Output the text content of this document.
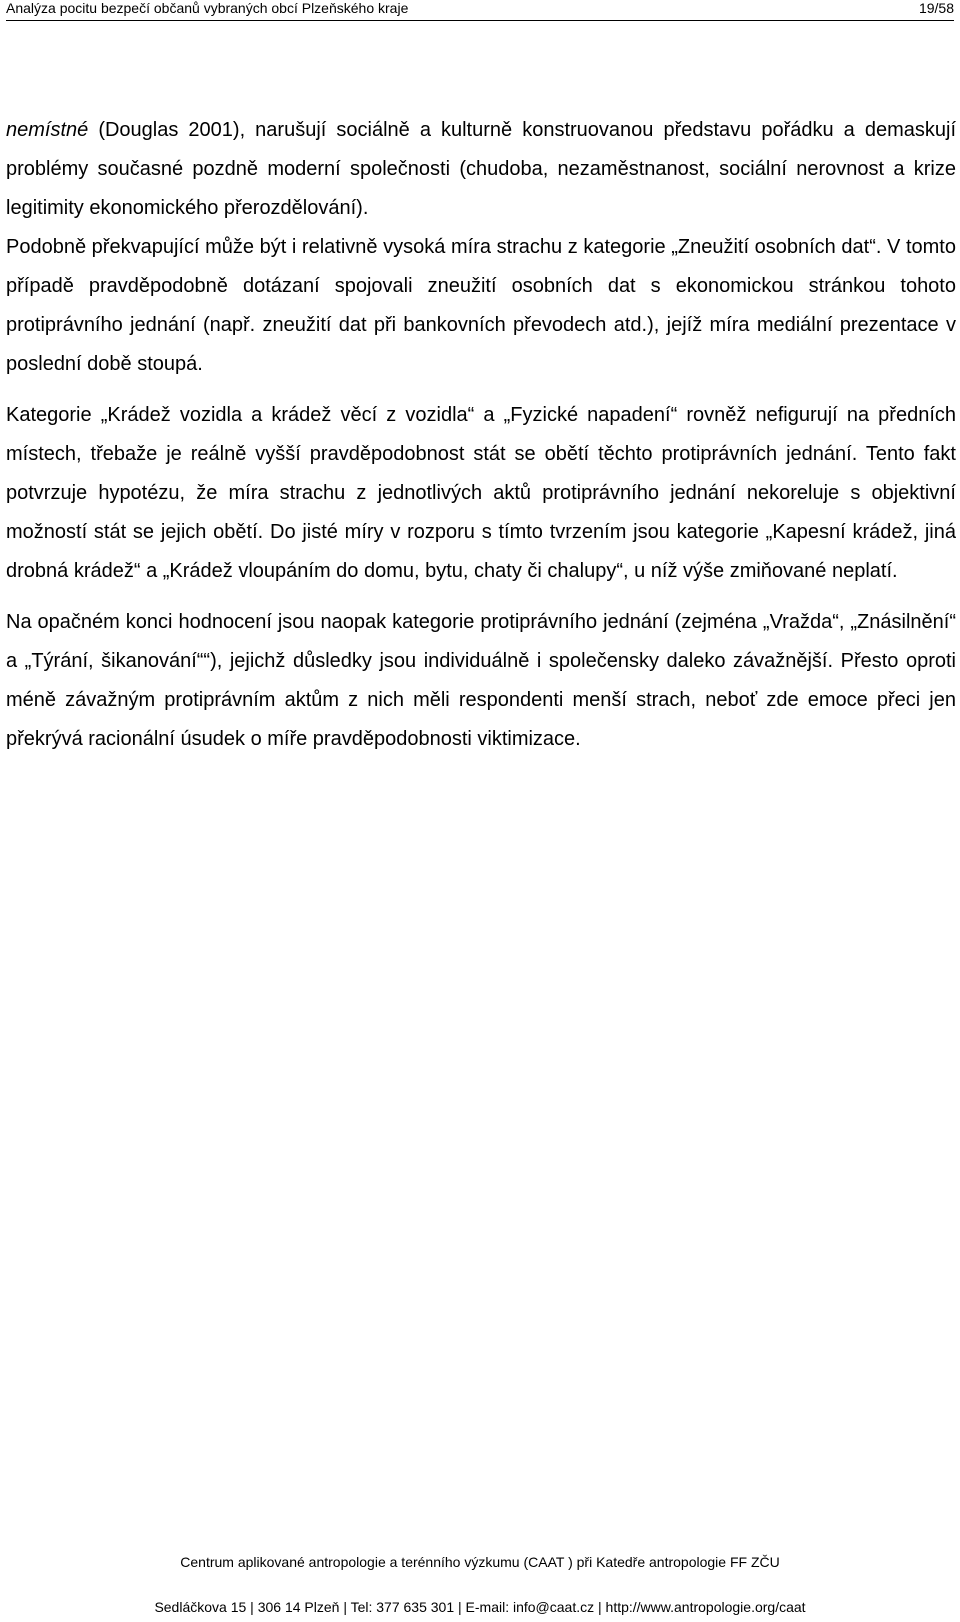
Analýza pocitu bezpečí občanů vybraných obcí Plzeňského kraje	19/58

nemístné (Douglas 2001), narušují sociálně a kulturně konstruovanou představu pořádku a demaskují problémy současné pozdně moderní společnosti (chudoba, nezaměstnanost, sociální nerovnost a krize legitimity ekonomického přerozdělování).

Podobně překvapující může být i relativně vysoká míra strachu z kategorie „Zneužití osobních dat“. V tomto případě pravděpodobně dotázaní spojovali zneužití osobních dat s ekonomickou stránkou tohoto protiprávního jednání (např. zneužití dat při bankovních převodech atd.), jejíž míra mediální prezentace v poslední době stoupá.

Kategorie „Krádež vozidla a krádež věcí z vozidla“ a „Fyzické napadení“ rovněž nefigurují na předních místech, třebaže je reálně vyšší pravděpodobnost stát se obětí těchto protiprávních jednání. Tento fakt potvrzuje hypotézu, že míra strachu z jednotlivých aktů protiprávního jednání nekoreluje s objektivní možností stát se jejich obětí. Do jisté míry v rozporu s tímto tvrzením jsou kategorie „Kapesní krádež, jiná drobná krádež“ a „Krádež vloupáním do domu, bytu, chaty či chalupy“, u níž výše zmiňované neplatí.

Na opačném konci hodnocení jsou naopak kategorie protiprávního jednání (zejména „Vražda“, „Znásilnění“ a „Týrání, šikanování““), jejichž důsledky jsou individuálně i společensky daleko závažnější. Přesto oproti méně závažným protiprávním aktům z nich měli respondenti menší strach, neboť zde emoce přeci jen překrývá racionální úsudek o míře pravděpodobnosti viktimizace.

Centrum aplikované antropologie a terénního výzkumu (CAAT ) při Katedře antropologie FF ZČU
Sedláčkova 15 | 306 14 Plzeň | Tel: 377 635 301 | E-mail: info@caat.cz | http://www.antropologie.org/caat
